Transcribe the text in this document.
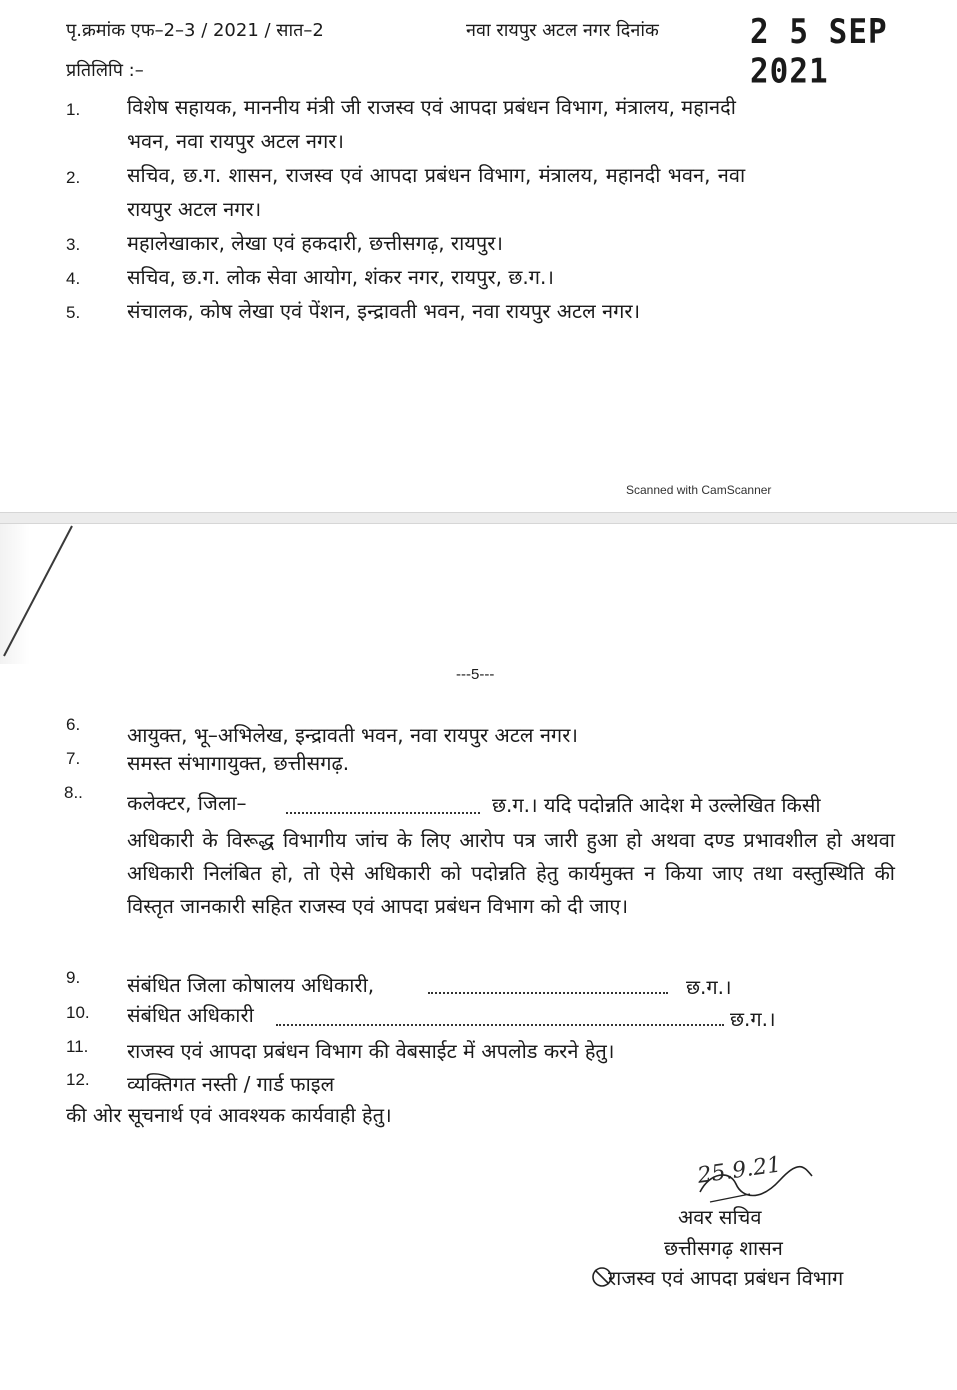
पृ.क्रमांक एफ–2–3 / 2021 / सात–2	नवा रायपुर अटल नगर दिनांक	2 5 SEP 2021
प्रतिलिपि :–
1. विशेष सहायक, माननीय मंत्री जी राजस्व एवं आपदा प्रबंधन विभाग, मंत्रालय, महानदी
भवन, नवा रायपुर अटल नगर।
2. सचिव, छ.ग. शासन, राजस्व एवं आपदा प्रबंधन विभाग, मंत्रालय, महानदी भवन, नवा
रायपुर अटल नगर।
3. महालेखाकार, लेखा एवं हकदारी, छत्तीसगढ़, रायपुर।
4. सचिव, छ.ग. लोक सेवा आयोग, शंकर नगर, रायपुर, छ.ग.।
5. संचालक, कोष लेखा एवं पेंशन, इन्द्रावती भवन, नवा रायपुर अटल नगर।
Scanned with CamScanner
---5---
6. आयुक्त, भू–अभिलेख, इन्द्रावती भवन, नवा रायपुर अटल नगर।
7. समस्त संभागायुक्त, छत्तीसगढ़.
8.. कलेक्टर, जिला–	छ.ग.। यदि पदोन्नति आदेश मे उल्लेखित किसी
अधिकारी के विरूद्ध विभागीय जांच के लिए आरोप पत्र जारी हुआ हो अथवा दण्ड प्रभावशील हो अथवा अधिकारी निलंबित हो, तो ऐसे अधिकारी को पदोन्नति हेतु कार्यमुक्त न किया जाए तथा वस्तुस्थिति की विस्तृत जानकारी सहित राजस्व एवं आपदा प्रबंधन विभाग को दी जाए।
9. संबंधित जिला कोषालय अधिकारी,	छ.ग.।
10. संबंधित अधिकारी	छ.ग.।
11. राजस्व एवं आपदा प्रबंधन विभाग की वेबसाईट में अपलोड करने हेतु।
12. व्यक्तिगत नस्ती / गार्ड फाइल
की ओर सूचनार्थ एवं आवश्यक कार्यवाही हेतु।
25.9.21
अवर सचिव
छत्तीसगढ़ शासन
राजस्व एवं आपदा प्रबंधन विभाग
